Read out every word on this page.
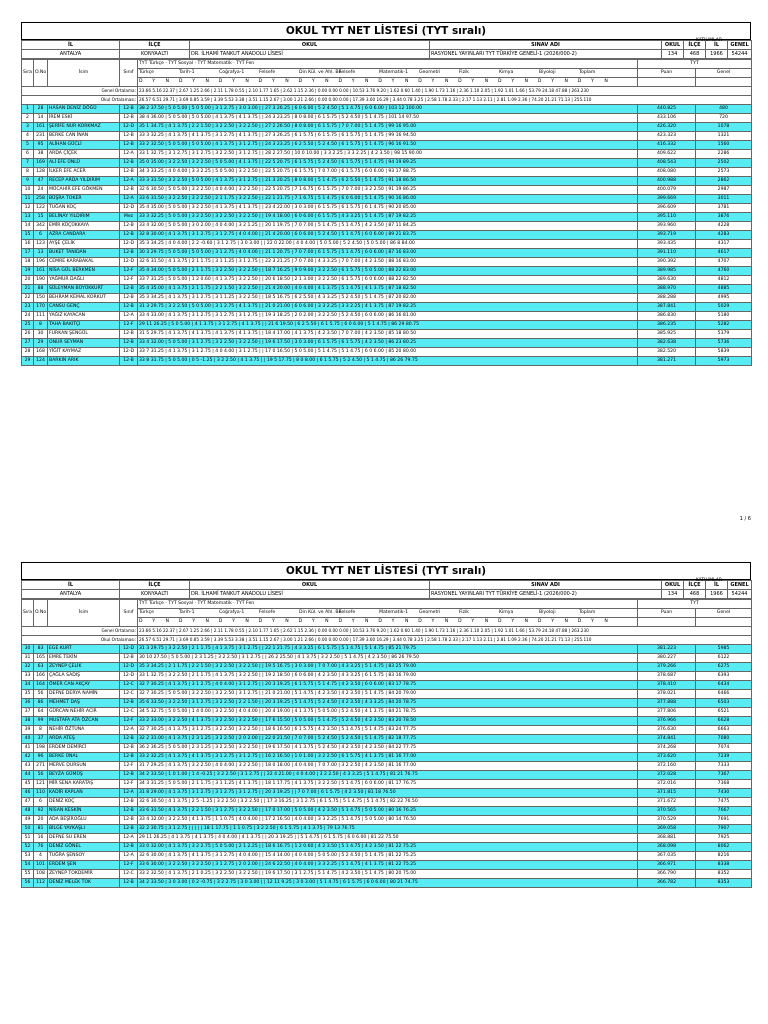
OKUL TYT NET LİSTESİ (TYT sıralı)
KATILIMLAR
İL	İLÇE	OKUL	SINAV ADI	OKUL	İLÇE	İL	GENEL
ANTALYA	KONYAALTI	DR. İLHAMİ TANKUT ANADOLU LİSESİ	RASYONEL YAYINLARI TYT TÜRKİYE GENELİ-1 (2026/000-2)	134	468	1966	54244
Sıra	O.No	İsim	Sınıf	TYT Türkçe · TYT Sosyal · TYT Matematik · TYT Fen	TYT	
				Türkçe Tarih-1 Coğrafya-1 Felsefe Din Kül. ve Ahl. Bil.Felsefe Matematik-1 Geometri Fizik Kimya Biyoloji Toplam	Puan	Genel
				D Y N D Y N D Y N D Y N D Y N D Y N D Y N D Y N D Y N D Y N D Y N D Y N		
Genel Ortalama:				23.66 5.16 22.37 | 2.67 1.25 2.66 | 2.11 1.78 0.55 | 2.10 1.77 1.65 | 2.62 1.15 2.36 | 0.00 0.00 0.00 | 10.53 3.76 9.20 | 1.62 0.60 1.40 | 1.90 1.73 1.16 | 2.36 1.10 2.05 | 1.92 1.01 1.66 | 53.79 24.18 47.88 | 263.230		
Okul Ortalaması:				26.57 6.51 29.71 | 3.69 0.85 3.59 | 3.39 5.53 3.38 | 3.51 1.15 2.67 | 3.00 1.21 2.66 | 0.00 0.00 0.00 | 17.39 3.60 16.29 | 3.44 0.78 3.25 | 2.58 1.78 2.33 | 2.17 1.13 2.11 | 2.81 1.09 2.36 | 74.20 21.21 71.13 | 255.110		
1	28	HASAN DENİZ DÖĞÜ	12-B	38 2 37.50 | 5 0 5.00 | 5 0 5.00 | 3 1 2.75 | 3 0 3.00 | | 27 3 26.25 | 6 0 6.00 | 5 2 4.50 | 5 1 4.75 | 6 0 6.00 | 103 12 100.00	440.825	480
2	14	İREM ESKİ	12-B	38 4 36.00 | 5 0 5.00 | 5 0 5.00 | 4 1 3.75 | 4 1 3.75 | | 24 3 23.25 | 8 0 8.00 | 6 1 5.75 | 5 2 4.50 | 5 1 4.75 | 101 14 97.50	433.106	720
3	161	ŞERİFE NUR KORKMAZ	12-D	35 1 34.75 | 4 1 3.75 | 2 2 1.50 | 3 2 2.50 | 3 2 2.50 | | 27 2 26.50 | 8 0 8.00 | 6 1 5.75 | 7 0 7.00 | 5 1 4.75 | 99 16 95.00	426.320	1078
4	231	BERKE CAN İNAN	12-B	33 3 32.25 | 4 1 3.75 | 4 1 3.75 | 3 1 2.75 | 4 1 3.75 | | 27 3 26.25 | 6 1 5.75 | 6 1 5.75 | 6 1 5.75 | 5 1 4.75 | 99 16 94.50	423.323	1321
5	95	ALİHAN GÜCLİ	12-B	33 2 32.50 | 5 0 5.00 | 5 0 5.00 | 4 1 3.75 | 3 1 2.75 | | 24 3 23.25 | 6 2 5.50 | 5 2 4.50 | 6 1 5.75 | 5 1 4.75 | 96 16 91.50	416.332	1560
6	38	ARDA ÇİÇEK	12-A	33 1 32.75 | 3 1 2.75 | 3 1 2.75 | 3 2 2.50 | 3 1 2.75 | | 28 2 27.50 | 10 0 10.00 | 3 3 2.25 | 3 3 2.25 | 4 2 3.50 | 98 15 90.00	409.622	2286
7	169	ALİ EFE ÜNLÜ	12-B	35 0 35.00 | 3 2 2.50 | 3 2 2.50 | 5 0 5.00 | 4 1 3.75 | | 22 5 20.75 | 6 1 5.75 | 5 2 4.50 | 6 1 5.75 | 5 1 4.75 | 94 19 89.25	408.543	2502
8	128	İLKER EFE ACER	12-B	34 3 33.25 | 4 0 4.00 | 3 3 2.25 | 5 0 5.00 | 3 2 2.50 | | 22 5 20.75 | 6 1 5.75 | 7 0 7.00 | 6 1 5.75 | 6 0 6.00 | 93 17 88.75	408.080	2573
9	47	RECEP ARDA YILDIRIM	12-A	33 3 31.50 | 3 2 2.50 | 5 0 5.00 | 4 1 3.75 | 3 1 2.75 | | 21 3 20.25 | 8 0 8.00 | 5 1 4.75 | 6 2 5.50 | 5 1 4.75 | 91 18 86.50	400.988	2862
10	24	MÜCAHİR EFE GÖKMEN	12-B	32 6 30.50 | 5 0 5.00 | 3 2 2.50 | 4 0 4.00 | 3 2 2.50 | | 22 5 20.75 | 7 1 6.75 | 6 1 5.75 | 7 0 7.00 | 3 2 2.50 | 91 19 86.25	400.079	2987
11	258	BÜŞRA TOKER	12-A	33 6 31.50 | 3 2 2.50 | 3 2 2.50 | 2 1 1.75 | 3 2 2.50 | | 22 1 21.75 | 7 1 6.75 | 5 1 4.75 | 6 0 6.00 | 5 1 4.75 | 90 16 86.00	399.669	3011
12	122	TUĞAN KOÇ	12-D	35 4 35.00 | 5 0 5.00 | 3 2 2.50 | 4 1 3.75 | 4 1 3.75 | | 23 4 22.00 | 3 0 3.00 | 6 1 5.75 | 6 1 5.75 | 6 1 4.75 | 90 20 85.00	396.609	3781
13	15	BELİNAY YILDIRIM	Mez	33 3 32.25 | 5 0 5.00 | 3 2 2.50 | 3 2 2.50 | 3 2 2.50 | | 19 4 18.00 | 6 0 6.00 | 6 1 5.75 | 4 3 3.25 | 5 1 4.75 | 87 19 82.25	395.110	3876
14	342	EMİR KÜÇÜKKAYA	12-B	33 4 32.00 | 5 0 5.00 | 3 0 2.00 | 4 0 4.00 | 3 2 1.25 | | 20 1 19.75 | 7 0 7.00 | 5 1 4.75 | 5 1 4.75 | 4 2 3.50 | 87 11 84.25	393.960	4228
15	6	AZRA CANDARA	12-B	32 8 30.00 | 4 1 3.75 | 3 1 2.75 | 3 1 2.75 | 4 0 4.00 | | 21 4 20.00 | 6 0 6.00 | 5 2 4.50 | 5 1 4.75 | 6 0 6.00 | 89 21 83.75	393.719	4283
16	123	AYŞE ÇELİK	12-D	35 3 34.25 | 4 0 4.00 | 2 2 -0.60 | 3 1 2.75 | 3 0 3.00 | | 22 0 22.00 | 4 0 4.00 | 5 0 5.00 | 5 2 4.50 | 5 0 5.00 | 86 8 84.00	393.435	4317
17	13	BUKET TANIDAN	12-B	30 3 29.75 | 5 0 5.00 | 5 0 5.00 | 3 1 2.75 | 4 0 4.00 | | 21 1 20.75 | 7 0 7.00 | 6 1 5.75 | 5 1 4.75 | 6 0 6.00 | 87 16 83.00	391.110	4617
18	196	CEMRE KARABAKAL	12-D	32 6 31.50 | 4 1 3.75 | 2 1 1.75 | 3 1 1.25 | 3 1 2.75 | | 22 3 21.25 | 7 0 7.00 | 4 3 3.25 | 7 0 7.00 | 4 2 3.50 | 88 16 83.00	390.392	4707
19	161	NİSA GÜL BERKMEN	12-F	35 4 34.00 | 5 0 5.00 | 2 1 1.75 | 3 2 2.50 | 3 2 2.50 | | 18 7 16.25 | 9 0 9.00 | 3 2 2.50 | 6 1 5.75 | 5 0 5.00 | 88 22 83.00	389.985	4760
20	190	YAĞMUR DAĞLI	12-F	33 7 31.25 | 5 0 5.00 | 1 2 0.60 | 4 1 3.75 | 3 2 2.50 | | 20 6 18.50 | 2 1 3.00 | 3 2 2.50 | 6 1 5.75 | 6 0 6.00 | 88 22 82.50	389.630	4812
21	88	SÜLEYMAN BÜYÜKKURT	12-B	35 4 35.00 | 4 1 3.75 | 2 1 1.75 | 2 2 1.50 | 3 2 2.50 | | 21 4 20.00 | 4 0 4.00 | 4 1 3.75 | 5 1 4.75 | 4 1 3.75 | 87 18 82.50	388.970	4885
22	150	BEHRAM KEMAL KORKUT	12-B	35 3 34.25 | 4 1 3.75 | 3 1 2.75 | 3 1 1.25 | 3 2 2.50 | | 18 5 16.75 | 6 2 5.50 | 4 3 3.25 | 5 2 4.50 | 5 1 4.75 | 87 20 82.00	388.288	4995
23	170	CANSU GENÇ	12-B	31 3 29.75 | 3 2 2.50 | 5 0 5.00 | 3 1 2.75 | 4 1 3.75 | | 21 0 21.00 | 6 0 6.00 | 3 3 2.25 | 3 3 2.25 | 4 1 3.75 | 87 19 82.25	387.841	5029
24	111	YAĞIZ KAYACAN	12-A	33 4 33.00 | 4 1 3.75 | 3 1 2.75 | 3 1 2.75 | 3 1 2.75 | | 19 3 18.25 | 2 0 2.00 | 3 2 2.50 | 5 2 4.50 | 6 0 6.00 | 86 16 81.00	386.830	5180
25	8	TAHA BAKITÇI	12-F	29 11 26.25 | 5 0 5.00 | 4 1 3.75 | 3 1 2.75 | 4 1 3.75 | | 21 6 19.50 | 6 2 5.50 | 6 1 5.75 | 6 0 6.00 | 5 1 4.75 | 86 29 80.75	386.235	5282
26	30	FURKAN ŞENGÜL	12-B	31 5 29.75 | 4 1 3.75 | 4 1 3.75 | 4 1 3.75 | 4 1 3.75 | | 18 4 17.00 | 4 1 3.75 | 4 2 3.50 | 7 0 7.00 | 4 2 3.50 | 85 18 80.50	385.925	5379
27	29	ONUR SEYMAN	12-B	33 4 32.00 | 5 0 5.00 | 3 1 2.75 | 3 2 2.50 | 3 2 2.50 | | 19 6 17.50 | 3 0 3.00 | 6 1 5.75 | 6 1 5.75 | 4 2 3.50 | 86 23 80.25	382.638	5736
28	168	YİĞİT KAYMAZ	12-D	33 7 31.25 | 4 1 3.75 | 3 1 2.75 | 4 0 4.00 | 3 1 2.75 | | 17 0 16.50 | 5 0 5.00 | 5 1 4.75 | 5 1 4.75 | 6 0 6.00 | 85 20 80.00	382.520	5839
29	124	BARKIN ARIK	12-B	33 8 31.75 | 5 0 5.00 | 0 5 -1.25 | 3 2 2.50 | 4 1 3.75 | | 19 5 17.75 | 8 0 8.00 | 6 1 5.75 | 5 2 4.50 | 5 1 4.75 | 86 26 79.75	381.271	5973
1 / 6
OKUL TYT NET LİSTESİ (TYT sıralı)
KATILIMLAR
İL	İLÇE	OKUL	SINAV ADI	OKUL	İLÇE	İL	GENEL
ANTALYA	KONYAALTI	DR. İLHAMİ TANKUT ANADOLU LİSESİ	RASYONEL YAYINLARI TYT TÜRKİYE GENELİ-1 (2026/000-2)	134	468	1966	54244
Sıra	O.No	İsim	Sınıf	TYT Türkçe · TYT Sosyal · TYT Matematik · TYT Fen	TYT	
				Türkçe Tarih-1 Coğrafya-1 Felsefe Din Kül. ve Ahl. Bil.Felsefe Matematik-1 Geometri Fizik Kimya Biyoloji Toplam	Puan	Genel
				D Y N D Y N D Y N D Y N D Y N D Y N D Y N D Y N D Y N D Y N D Y N D Y N		
Genel Ortalama:				23.66 5.16 22.37 | 2.67 1.25 2.66 | 2.11 1.78 0.55 | 2.10 1.77 1.65 | 2.62 1.15 2.36 | 0.00 0.00 0.00 | 10.53 3.76 9.20 | 1.62 0.60 1.40 | 1.90 1.73 1.16 | 2.36 1.10 2.05 | 1.92 1.01 1.66 | 53.79 24.18 47.88 | 263.230		
Okul Ortalaması:				26.57 6.51 29.71 | 3.69 0.85 3.59 | 3.39 5.53 3.38 | 3.51 1.15 2.67 | 3.00 1.21 2.66 | 0.00 0.00 0.00 | 17.39 3.60 16.29 | 3.44 0.78 3.25 | 2.58 1.78 2.33 | 2.17 1.13 2.11 | 2.81 1.09 2.36 | 74.20 21.21 71.13 | 255.110		
30	83	EGE KURT	12-D	31 3 29.75 | 3 2 2.50 | 2 1 1.75 | 4 1 3.75 | 3 1 2.75 | | 22 1 21.75 | 4 3 3.25 | 6 1 5.75 | 5 1 4.75 | 5 1 4.75 | 85 21 79.75	381.223	5985
31	165	EMRE TEKİN	12-B	30 10 27.50 | 5 0 5.00 | 2 3 1.25 | 3 2 2.50 | 3 1 2.75 | | 26 2 25.50 | 4 1 3.75 | 3 2 2.50 | 5 1 4.75 | 4 2 3.50 | 86 26 79.50	380.227	6122
32	63	ZEYNEP ÇELİK	12-D	35 3 34.25 | 2 1 1.75 | 2 2 1.50 | 3 2 2.50 | 3 2 2.50 | | 19 5 16.75 | 3 0 3.00 | 7 0 7.00 | 4 3 3.25 | 5 1 4.75 | 83 25 79.00	379.266	6275
33	166	ÇAĞLA SADIŞ	12-D	33 1 32.75 | 3 2 2.50 | 2 1 1.75 | 4 1 3.75 | 3 2 2.50 | | 19 2 18.50 | 6 0 6.00 | 4 2 3.50 | 4 3 3.25 | 6 1 5.75 | 83 16 79.00	378.687	6393
34	164	ÖMER CAN AKÇAY	12-C	32 7 30.25 | 4 1 3.75 | 3 1 2.75 | 4 0 4.00 | 3 1 2.75 | | 20 3 19.25 | 6 1 5.75 | 5 1 4.75 | 4 2 3.50 | 6 0 6.00 | 83 17 78.75	378.410	6434
35	56	DEFNE DERYA NAMİN	12-C	32 7 30.25 | 5 0 5.00 | 3 2 2.50 | 3 2 2.50 | 3 1 2.75 | | 21 0 21.00 | 5 1 4.75 | 4 2 3.50 | 4 2 3.50 | 5 1 4.75 | 84 20 79.00	378.021	6466
36	86	MEHMET DAŞ	12-B	35 6 33.50 | 3 2 2.50 | 3 1 2.75 | 3 2 2.50 | 2 2 1.50 | | 20 3 19.25 | 5 1 4.75 | 5 2 4.50 | 4 2 3.50 | 4 3 3.25 | 84 20 78.75	377.888	6503
37	64	GÜRCAN NEHİR ACIR	12-C	34 5 32.75 | 5 0 5.00 | 1 4 0.00 | 3 2 2.50 | 4 0 4.00 | | 20 4 19.00 | 4 1 3.75 | 5 0 5.00 | 5 2 4.50 | 4 1 3.75 | 84 21 78.75	377.806	6521
38	99	MUSTAFA ATA ÖZCAN	12-F	33 2 33.00 | 3 2 2.50 | 4 1 3.75 | 3 2 2.50 | 3 2 2.50 | | 17 6 15.50 | 5 0 5.00 | 5 1 4.75 | 5 2 4.50 | 4 2 3.50 | 83 20 78.50	376.966	6628
39	8	NEHİR ÖZTUNA	12-A	32 7 30.25 | 4 1 3.75 | 3 1 2.75 | 3 2 2.50 | 3 2 2.50 | | 18 6 16.50 | 6 1 5.75 | 4 2 3.50 | 5 1 4.75 | 5 1 4.75 | 83 24 77.75	376.630	6663
40	37	ARDA ATEŞ	12-B	32 2 31.00 | 4 1 3.75 | 2 3 1.25 | 3 2 2.50 | 2 0 2.00 | | 22 0 21.50 | 7 0 7.00 | 5 2 4.50 | 5 2 4.50 | 5 1 4.75 | 82 18 77.75	374.841	7080
41	198	ERDEM DEMİRCİ	12-B	36 2 36.25 | 5 0 5.00 | 2 3 1.25 | 3 2 2.50 | 3 2 2.50 | | 19 6 17.50 | 4 1 3.75 | 5 2 4.50 | 4 2 3.50 | 4 2 3.50 | 84 22 77.75	374.268	7074
42	96	BERKE ÜNAL	12-B	33 2 32.25 | 4 1 3.75 | 4 1 3.75 | 3 1 2.75 | 3 1 2.75 | | 16 2 16.50 | 1 0 1.00 | 3 2 2.50 | 6 1 5.75 | 4 1 3.75 | 81 16 77.00	373.620	7239
43	271	MERVE DURSUN	12-F	31 7 29.25 | 4 1 3.75 | 3 2 2.50 | 4 0 4.00 | 3 2 2.50 | | 18 0 18.00 | 4 0 4.00 | 7 0 7.00 | 3 2 2.50 | 4 2 3.50 | 81 16 77.00	372.160	7333
44	56	BEYZA GÜMÜŞ	12-B	34 2 33.50 | 1 0 1.00 | 1 4 -0.25 | 3 2 2.50 | 3 1 2.75 | | 22 4 21.00 | 4 0 4.00 | 3 2 2.50 | 4 3 3.25 | 5 1 4.75 | 81 21 76.75	372.028	7367
45	121	MİR SENA KARATAŞ	12-F	34 3 31.25 | 5 0 5.00 | 2 1 1.75 | 3 1 1.25 | 4 1 3.75 | | 18 1 17.75 | 4 1 3.75 | 3 2 2.50 | 5 1 4.75 | 6 0 6.00 | 81 17 76.75	372.016	7368
46	110	KADİR KAPLAN	12-A	31 8 29.00 | 4 1 3.75 | 3 1 2.75 | 3 1 2.75 | 3 1 2.75 | | 20 3 19.25 | | 7 0 7.00 | 6 1 5.75 | 4 2 3.50 | 81 18 76.50	371.815	7430
47	6	DENİZ KOÇ	12-B	32 6 30.50 | 4 1 3.75 | 2 5 -1.25 | 3 2 2.50 | 3 2 2.50 | | 17 3 16.25 | 3 1 2.75 | 6 1 5.75 | 5 1 4.75 | 5 1 4.75 | 82 22 76.50	371.672	7475
48	92	NİSAN KESKİN	12-B	33 6 31.50 | 4 1 3.75 | 2 2 1.50 | 3 1 2.75 | 3 2 2.50 | | 17 0 17.00 | 5 0 5.00 | 4 2 3.50 | 5 1 4.75 | 5 0 5.00 | 80 16 76.25	370.565	7667
49	20	ADA BEŞİROĞLU	12-B	33 4 32.00 | 3 2 2.50 | 4 1 3.75 | 1 1 0.75 | 4 0 4.00 | | 17 2 16.50 | 4 0 4.00 | 3 3 2.25 | 5 1 4.75 | 5 0 5.00 | 80 14 76.50	370.529	7691
50	81	BİLGE YAYKAŞLI	12-B	32 2 30.75 | 3 1 2.75 | | | | | 18 1 17.75 | 1 1 0.75 | 3 2 2.50 | 6 1 5.75 | 4 1 3.75 | 79 13 76.75	369.058	7907
51	16	DEFNE SU EREN	12-A	29 11 26.25 | 4 1 3.75 | 4 1 3.75 | 4 0 4.00 | 4 1 3.75 | | 20 3 19.25 | | 5 1 4.75 | 6 1 5.75 | 6 0 6.00 | 81 22 75.50	368.881	7925
52	76	DENİZ GÖNEL	12-B	33 0 32.00 | 4 1 3.75 | 3 2 2.75 | 5 0 5.00 | 2 1 2.25 | | 18 6 16.75 | 1 2 0.60 | 4 2 3.50 | 5 1 4.75 | 4 2 3.50 | 81 22 75.25	368.098	8062
53	4	TUĞRA ŞENSOY	12-A	32 6 30.00 | 4 1 3.75 | 4 1 3.75 | 3 1 2.75 | 4 0 4.00 | | 15 4 14.00 | 4 0 4.00 | 5 0 5.00 | 5 2 4.50 | 5 1 4.75 | 81 22 75.25	367.035	8216
54	101	ERDEM ŞEN	12-F	33 6 30.00 | 3 2 2.50 | 3 2 2.50 | 3 1 2.75 | 2 0 2.00 | | 24 6 22.50 | 4 0 4.00 | 3 3 2.25 | 5 1 4.75 | 4 1 3.75 | 81 22 75.25	366.971	8338
55	108	ZEYNEP TOKDEMİR	12-C	33 2 32.50 | 4 1 3.75 | 2 1 0.25 | 3 2 2.50 | 3 2 2.50 | | 19 6 17.50 | 3 1 2.75 | 5 1 4.75 | 4 2 3.50 | 5 1 4.75 | 80 20 75.00	366.790	8352
56	112	DENİZ MELEK TOK	12-B	34 2 33.50 | 3 0 3.00 | 0 2 -0.75 | 3 2 2.75 | 3 0 3.00 | | 12 11 9.25 | 3 0 3.00 | 5 1 4.75 | 6 1 5.75 | 6 0 6.00 | 80 21 74.75	366.782	8353
